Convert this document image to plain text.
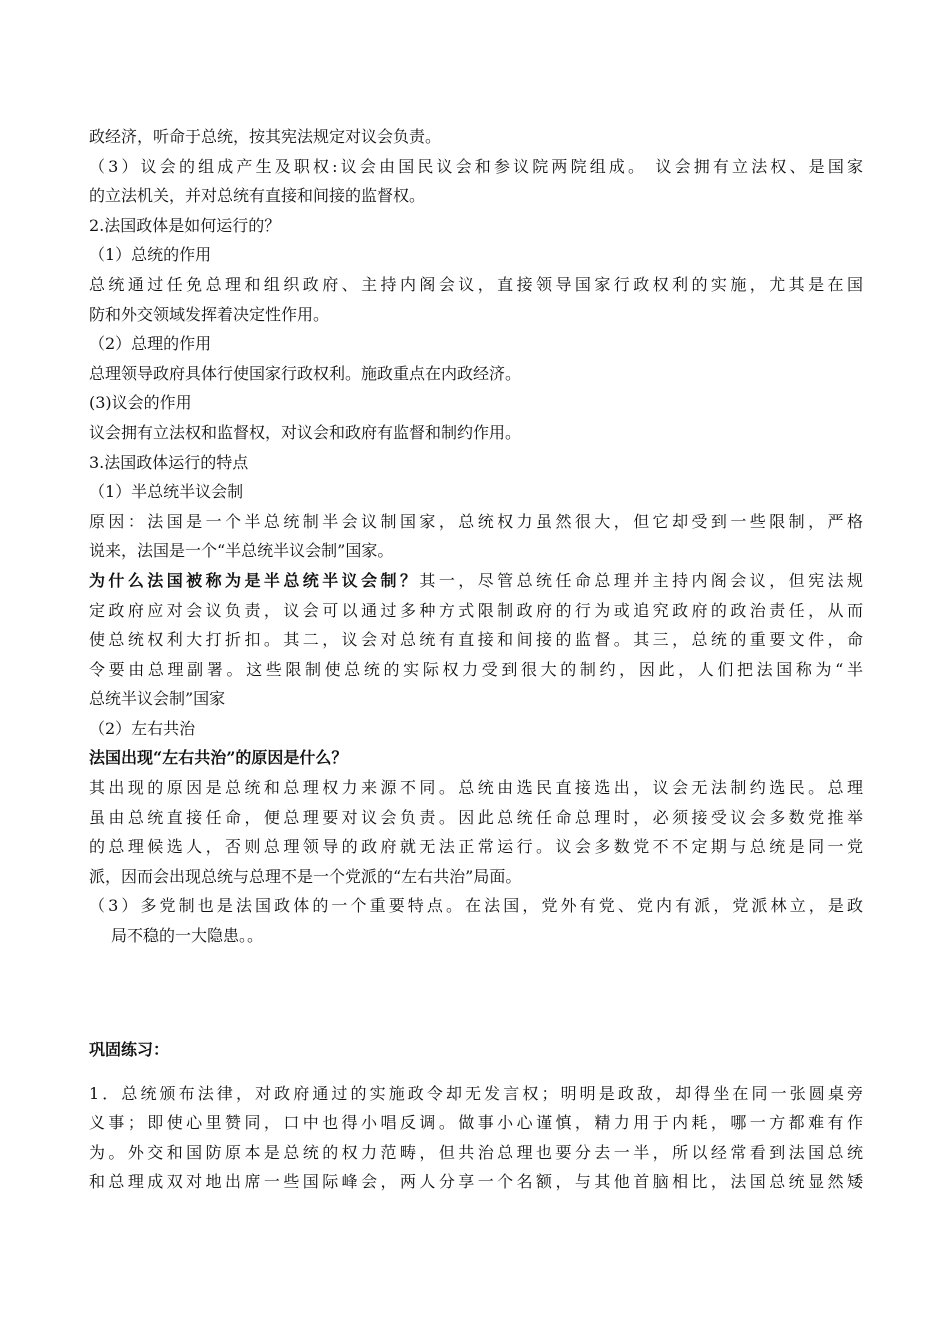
政经济，听命于总统，按其宪法规定对议会负责。
（3）议会的组成产生及职权:议会由国民议会和参议院两院组成。 议会拥有立法权、是国家
的立法机关，并对总统有直接和间接的监督权。
2.法国政体是如何运行的？
（1）总统的作用
总统通过任免总理和组织政府、主持内阁会议，直接领导国家行政权利的实施，尤其是在国
防和外交领域发挥着决定性作用。
（2）总理的作用
总理领导政府具体行使国家行政权利。施政重点在内政经济。
(3)议会的作用
议会拥有立法权和监督权，对议会和政府有监督和制约作用。
3.法国政体运行的特点
（1）半总统半议会制
原因：法国是一个半总统制半会议制国家，总统权力虽然很大，但它却受到一些限制，严格
说来，法国是一个“半总统半议会制”国家。
为什么法国被称为是半总统半议会制？其一，尽管总统任命总理并主持内阁会议，但宪法规
定政府应对会议负责，议会可以通过多种方式限制政府的行为或追究政府的政治责任，从而
使总统权利大打折扣。其二，议会对总统有直接和间接的监督。其三，总统的重要文件，命
令要由总理副署。这些限制使总统的实际权力受到很大的制约，因此，人们把法国称为“半
总统半议会制”国家
（2）左右共治
法国出现“左右共治”的原因是什么？
其出现的原因是总统和总理权力来源不同。总统由选民直接选出，议会无法制约选民。总理
虽由总统直接任命，便总理要对议会负责。因此总统任命总理时，必须接受议会多数党推举
的总理候选人，否则总理领导的政府就无法正常运行。议会多数党不不定期与总统是同一党
派，因而会出现总统与总理不是一个党派的“左右共治”局面。
（3）多党制也是法国政体的一个重要特点。在法国，党外有党、党内有派，党派林立，是政
局不稳的一大隐患。。
巩固练习：
1．总统颁布法律，对政府通过的实施政令却无发言权；明明是政敌，却得坐在同一张圆桌旁
义事；即使心里赞同，口中也得小唱反调。做事小心谨慎，精力用于内耗，哪一方都难有作
为。外交和国防原本是总统的权力范畴，但共治总理也要分去一半，所以经常看到法国总统
和总理成双对地出席一些国际峰会，两人分享一个名额，与其他首脑相比，法国总统显然矮
